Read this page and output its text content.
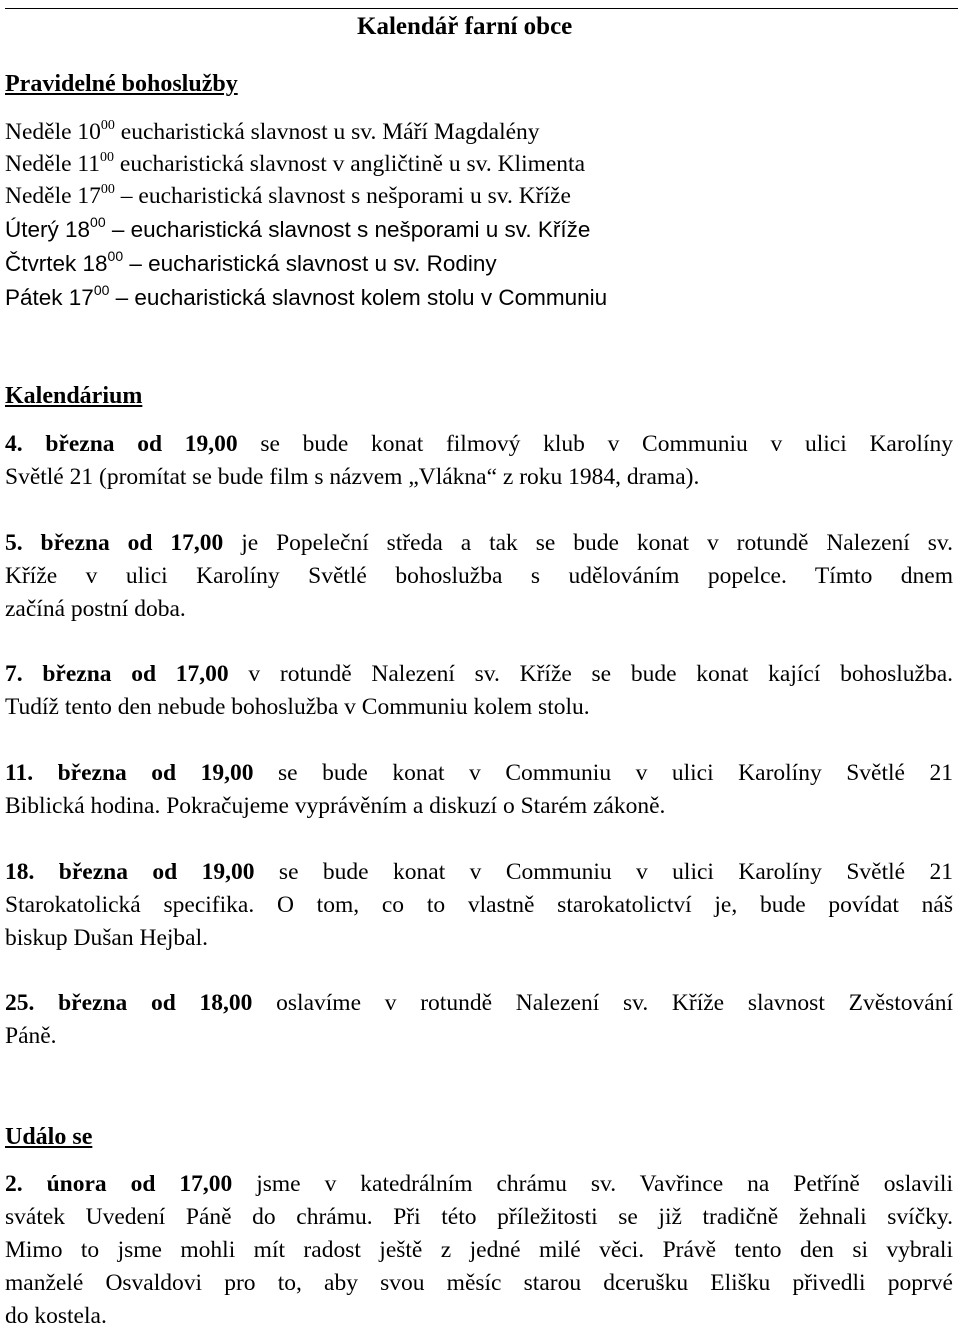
Kalendář farní obce
Pravidelné bohoslužby
Neděle $10^{00}$ eucharistická slavnost u sv. Máří Magdalény
Neděle $11^{00}$ eucharistická slavnost v angličtině u sv. Klimenta
Neděle $17^{00}$ – eucharistická slavnost s nešporami u sv. Kříže
Úterý $18^{00}$ – eucharistická slavnost s nešporami u sv. Kříže
Čtvrtek $18^{00}$ – eucharistická slavnost u sv. Rodiny
Pátek $17^{00}$ – eucharistická slavnost kolem stolu v Communiu
Kalendárium
4. března od 19,00 se bude konat filmový klub v Communiu v ulici Karolíny
Světlé 21 (promítat se bude film s názvem „Vlákna“ z roku 1984, drama).
5. března od 17,00 je Popeleční středa a tak se bude konat v rotundě Nalezení sv.
Kříže v ulici Karolíny Světlé bohoslužba s udělováním popelce. Tímto dnem
začíná postní doba.
7. března od 17,00 v rotundě Nalezení sv. Kříže se bude konat kající bohoslužba.
Tudíž tento den nebude bohoslužba v Communiu kolem stolu.
11. března od 19,00 se bude konat v Communiu v ulici Karolíny Světlé 21
Biblická hodina. Pokračujeme vyprávěním a diskuzí o Starém zákoně.
18. března od 19,00 se bude konat v Communiu v ulici Karolíny Světlé 21
Starokatolická specifika. O tom, co to vlastně starokatolictví je, bude povídat náš
biskup Dušan Hejbal.
25. března od 18,00 oslavíme v rotundě Nalezení sv. Kříže slavnost Zvěstování
Páně.
Událo se
2. února od 17,00 jsme v katedrálním chrámu sv. Vavřince na Petříně oslavili
svátek Uvedení Páně do chrámu. Při této příležitosti se již tradičně žehnali svíčky.
Mimo to jsme mohli mít radost ještě z jedné milé věci. Právě tento den si vybrali
manželé Osvaldovi pro to, aby svou měsíc starou dcerušku Elišku přivedli poprvé
do kostela.
